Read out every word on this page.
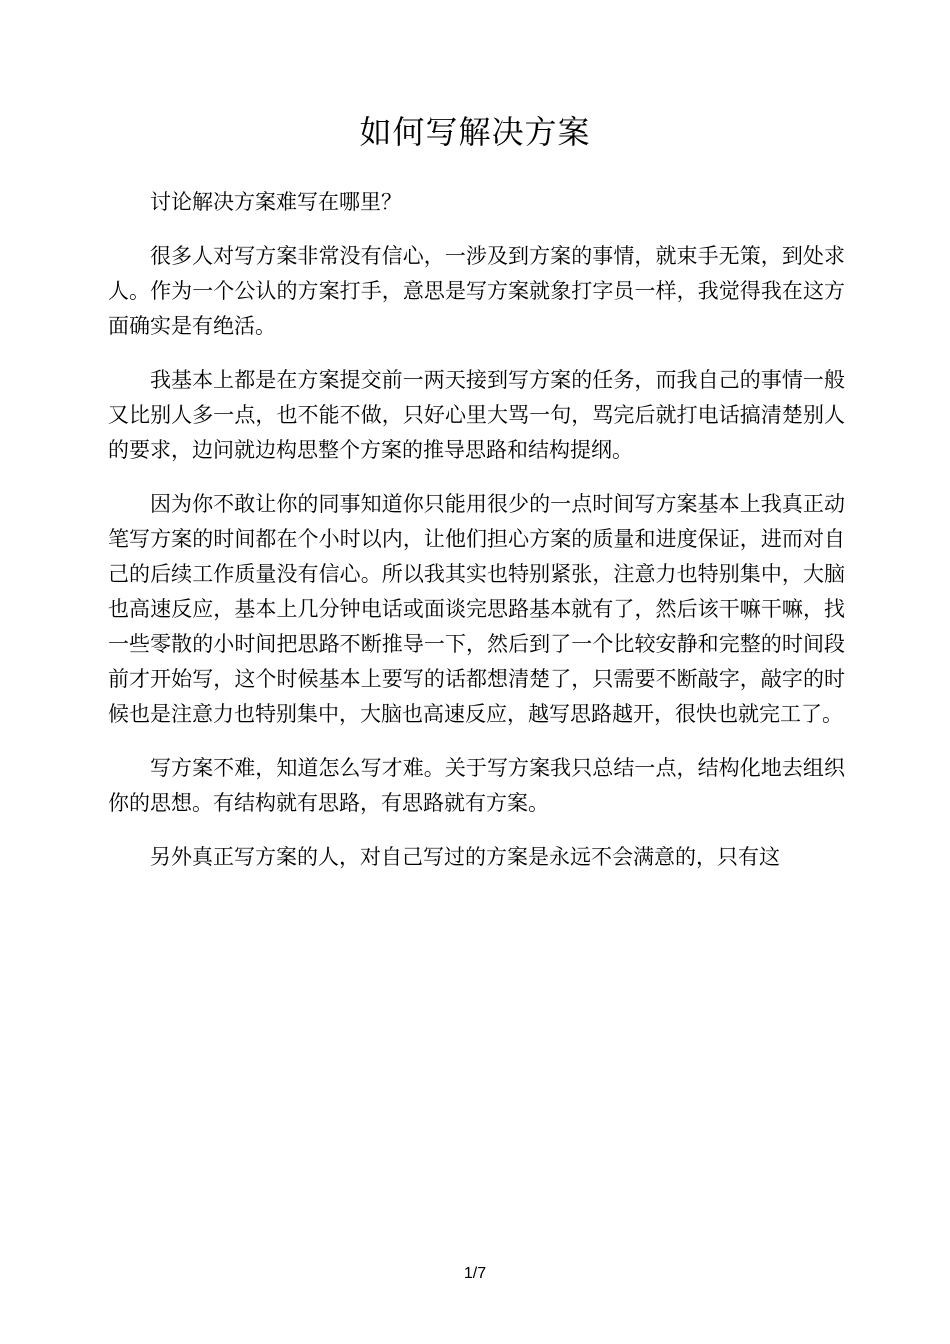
如何写解决方案

讨论解决方案难写在哪里？

很多人对写方案非常没有信心，一涉及到方案的事情，就束手无策，到处求人。作为一个公认的方案打手，意思是写方案就象打字员一样，我觉得我在这方面确实是有绝活。

我基本上都是在方案提交前一两天接到写方案的任务，而我自己的事情一般又比别人多一点，也不能不做，只好心里大骂一句，骂完后就打电话搞清楚别人的要求，边问就边构思整个方案的推导思路和结构提纲。

因为你不敢让你的同事知道你只能用很少的一点时间写方案基本上我真正动笔写方案的时间都在个小时以内，让他们担心方案的质量和进度保证，进而对自己的后续工作质量没有信心。所以我其实也特别紧张，注意力也特别集中，大脑也高速反应，基本上几分钟电话或面谈完思路基本就有了，然后该干嘛干嘛，找一些零散的小时间把思路不断推导一下，然后到了一个比较安静和完整的时间段前才开始写，这个时候基本上要写的话都想清楚了，只需要不断敲字，敲字的时候也是注意力也特别集中，大脑也高速反应，越写思路越开，很快也就完工了。

写方案不难，知道怎么写才难。关于写方案我只总结一点，结构化地去组织你的思想。有结构就有思路，有思路就有方案。

另外真正写方案的人，对自己写过的方案是永远不会满意的，只有这

1/7
